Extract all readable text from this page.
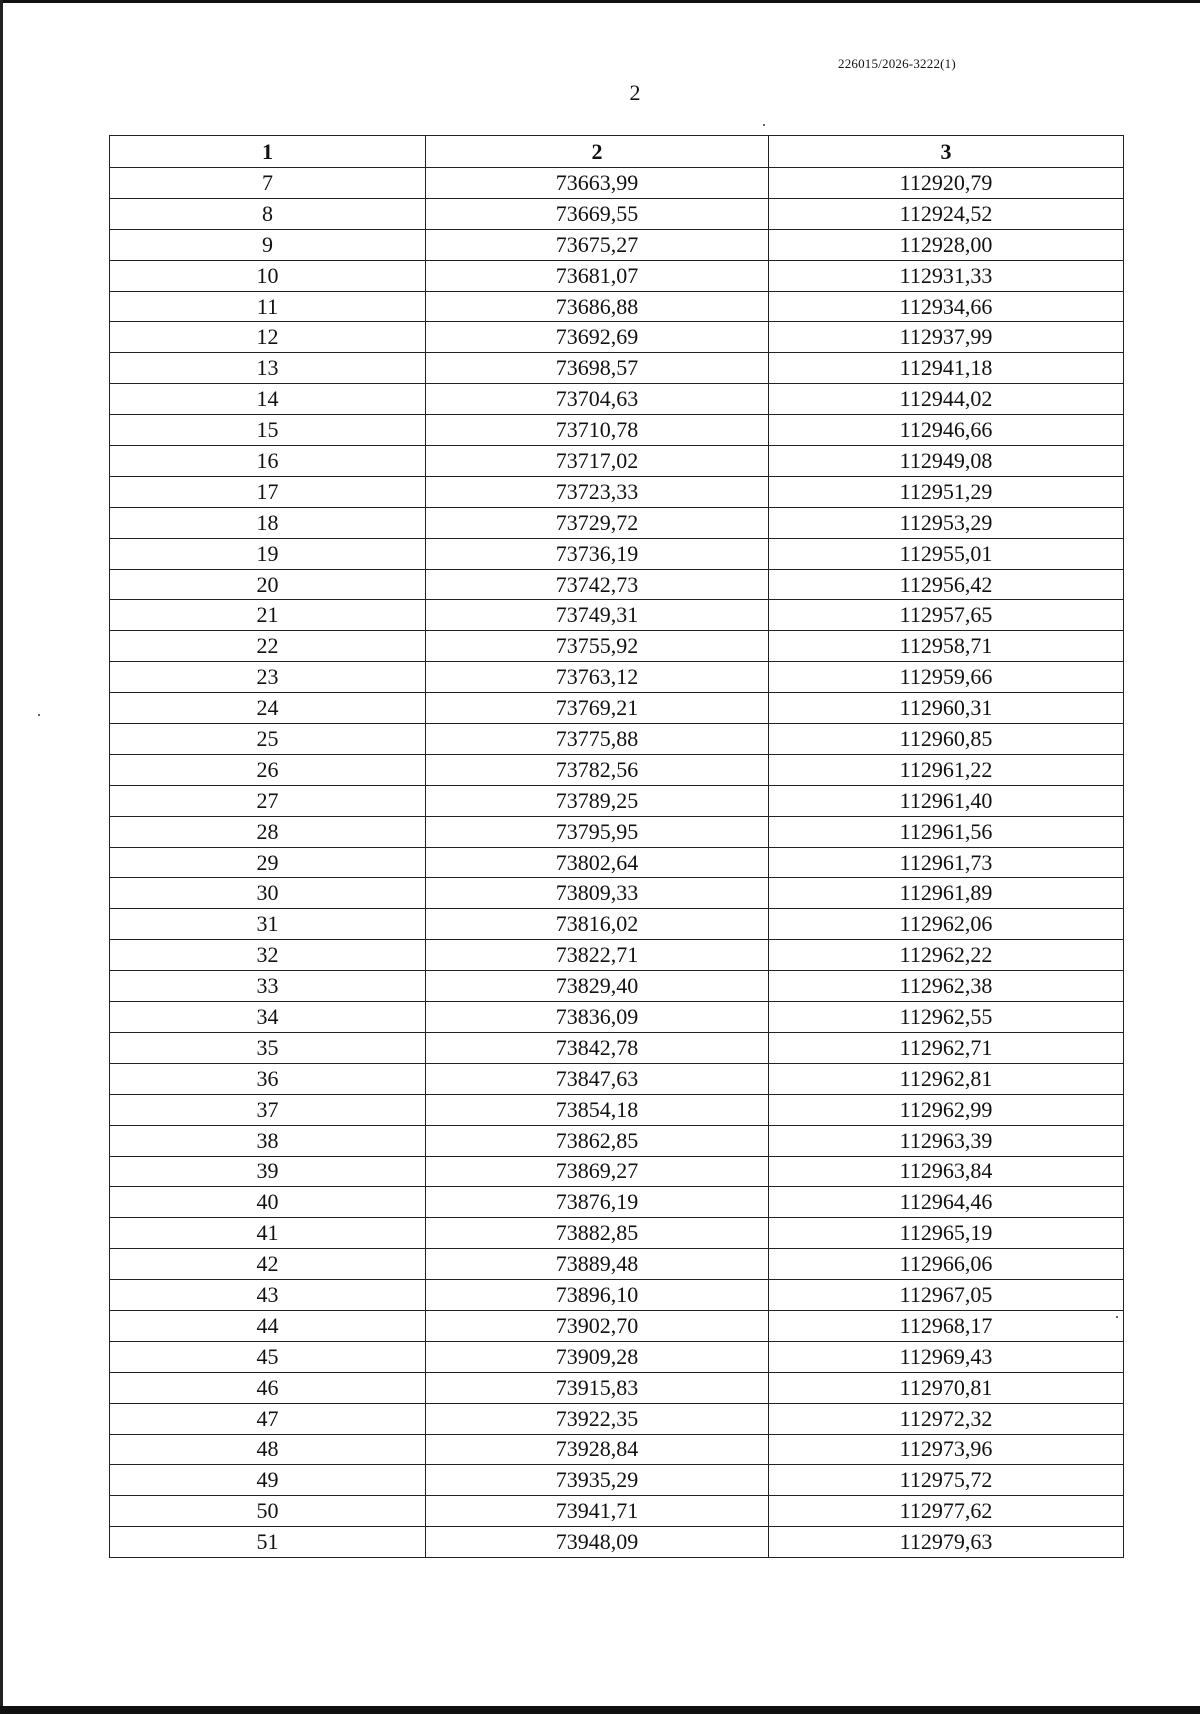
226015/2026-3222(1)
2
1	2	3
7	73663,99	112920,79
8	73669,55	112924,52
9	73675,27	112928,00
10	73681,07	112931,33
11	73686,88	112934,66
12	73692,69	112937,99
13	73698,57	112941,18
14	73704,63	112944,02
15	73710,78	112946,66
16	73717,02	112949,08
17	73723,33	112951,29
18	73729,72	112953,29
19	73736,19	112955,01
20	73742,73	112956,42
21	73749,31	112957,65
22	73755,92	112958,71
23	73763,12	112959,66
24	73769,21	112960,31
25	73775,88	112960,85
26	73782,56	112961,22
27	73789,25	112961,40
28	73795,95	112961,56
29	73802,64	112961,73
30	73809,33	112961,89
31	73816,02	112962,06
32	73822,71	112962,22
33	73829,40	112962,38
34	73836,09	112962,55
35	73842,78	112962,71
36	73847,63	112962,81
37	73854,18	112962,99
38	73862,85	112963,39
39	73869,27	112963,84
40	73876,19	112964,46
41	73882,85	112965,19
42	73889,48	112966,06
43	73896,10	112967,05
44	73902,70	112968,17
45	73909,28	112969,43
46	73915,83	112970,81
47	73922,35	112972,32
48	73928,84	112973,96
49	73935,29	112975,72
50	73941,71	112977,62
51	73948,09	112979,63
